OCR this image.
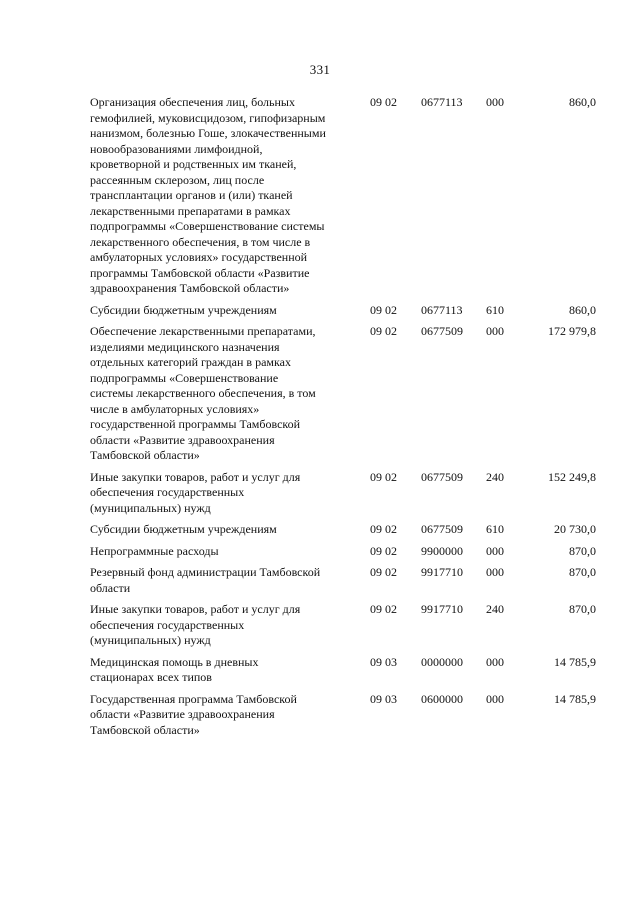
331
Организация обеспечения лиц, больных
гемофилией, муковисцидозом, гипофизарным
нанизмом, болезнью Гоше, злокачественными
новообразованиями лимфоидной,
кроветворной и родственных им тканей,
рассеянным склерозом, лиц после
трансплантации органов и (или) тканей
лекарственными препаратами в рамках
подпрограммы «Совершенствование системы
лекарственного обеспечения, в том числе в
амбулаторных условиях» государственной
программы Тамбовской области «Развитие
здравоохранения Тамбовской области»
09 02	0677113	000	860,0
Субсидии бюджетным учреждениям	09 02	0677113	610	860,0
Обеспечение лекарственными препаратами,
изделиями медицинского назначения
отдельных категорий граждан в рамках
подпрограммы «Совершенствование
системы лекарственного обеспечения, в том
числе в амбулаторных условиях»
государственной программы Тамбовской
области «Развитие здравоохранения
Тамбовской области»
09 02	0677509	000	172 979,8
Иные закупки товаров, работ и услуг для
обеспечения государственных
(муниципальных) нужд
09 02	0677509	240	152 249,8
Субсидии бюджетным учреждениям	09 02	0677509	610	20 730,0
Непрограммные расходы	09 02	9900000	000	870,0
Резервный фонд администрации Тамбовской
области
09 02	9917710	000	870,0
Иные закупки товаров, работ и услуг для
обеспечения государственных
(муниципальных) нужд
09 02	9917710	240	870,0
Медицинская помощь в дневных
стационарах всех типов
09 03	0000000	000	14 785,9
Государственная программа Тамбовской
области «Развитие здравоохранения
Тамбовской области»
09 03	0600000	000	14 785,9
